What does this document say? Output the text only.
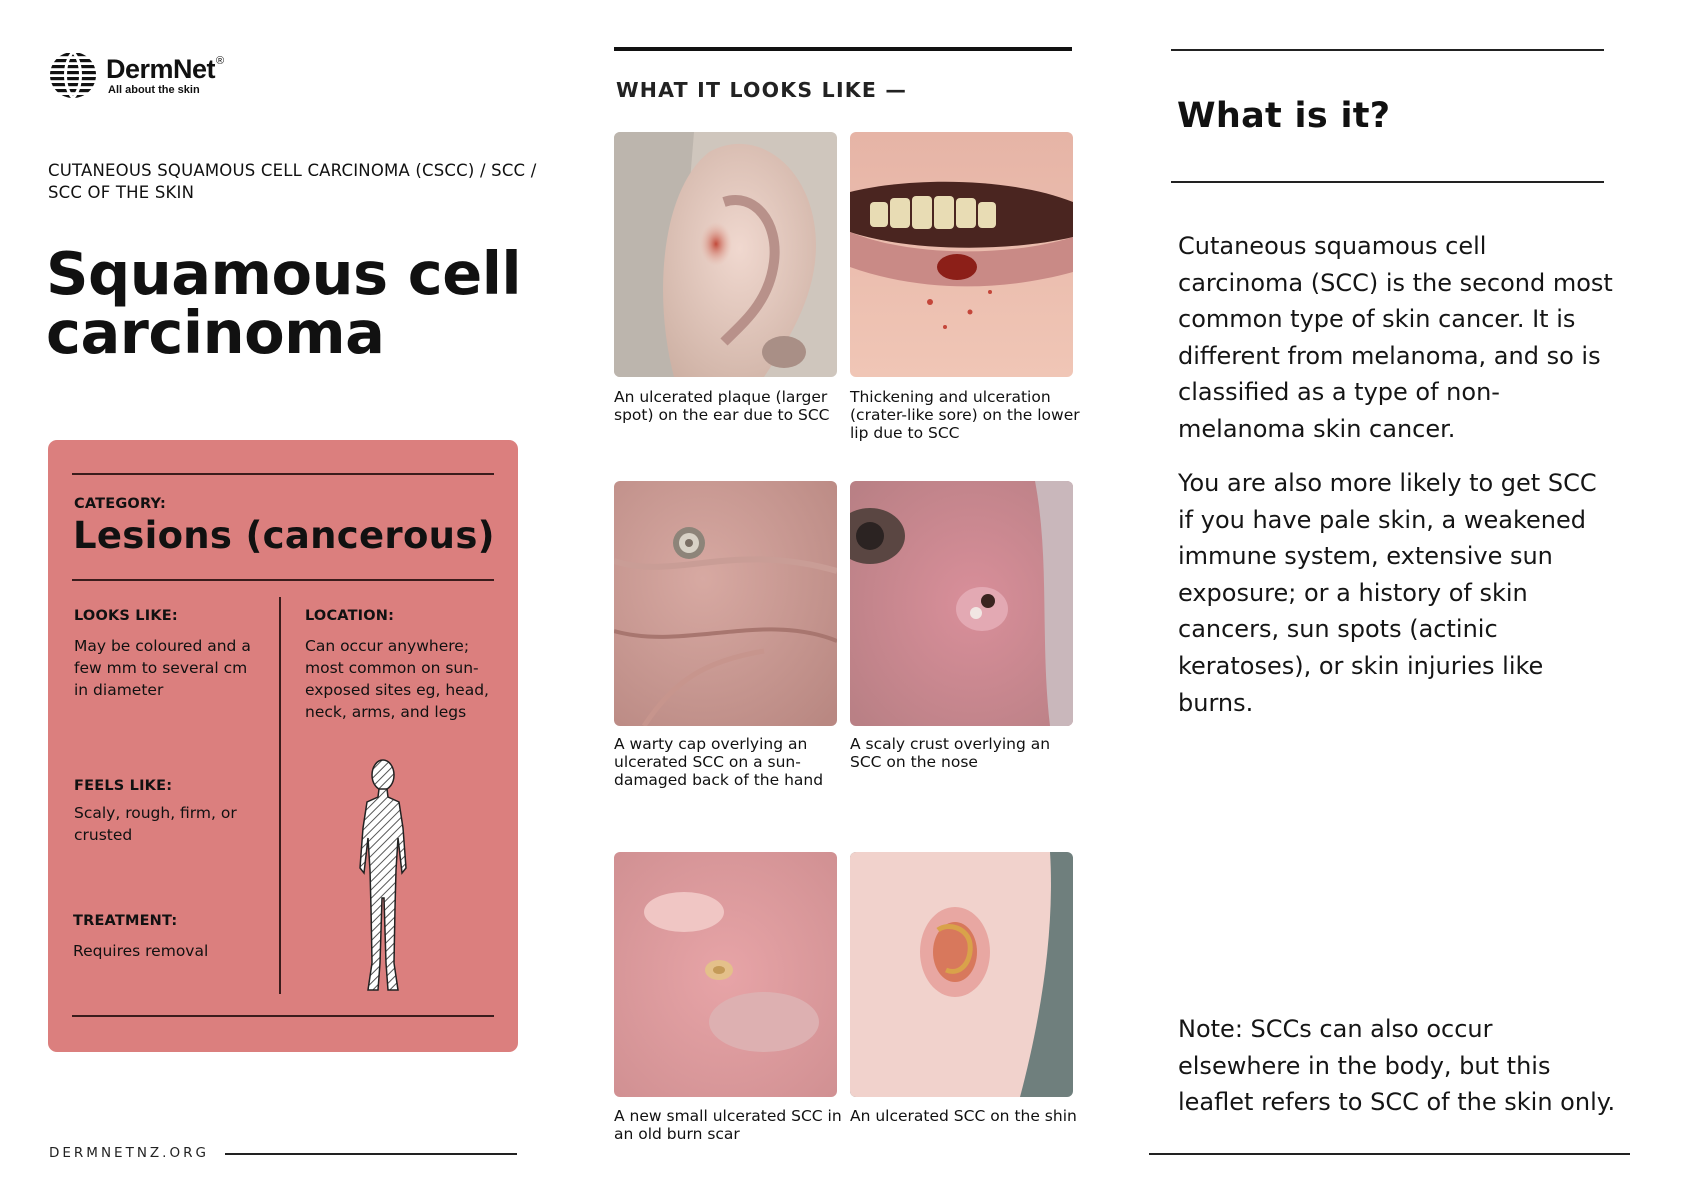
DermNet®
All about the skin
CUTANEOUS SQUAMOUS CELL CARCINOMA (CSCC) / SCC / SCC OF THE SKIN
Squamous cell carcinoma
CATEGORY:
Lesions (cancerous)
LOOKS LIKE:
May be coloured and a few mm to several cm in diameter
LOCATION:
Can occur anywhere; most common on sun-exposed sites eg, head, neck, arms, and legs
FEELS LIKE:
Scaly, rough, firm, or crusted
TREATMENT:
Requires removal
DERMNETNZ.ORG
WHAT IT LOOKS LIKE —
An ulcerated plaque (larger spot) on the ear due to SCC
Thickening and ulceration (crater-like sore) on the lower lip due to SCC
A warty cap overlying an ulcerated SCC on a sun-damaged back of the hand
A scaly crust overlying an SCC on the nose
A new small ulcerated SCC in an old burn scar
An ulcerated SCC on the shin
What is it?
Cutaneous squamous cell carcinoma (SCC) is the second most common type of skin cancer. It is different from melanoma, and so is classified as a type of non-melanoma skin cancer.
You are also more likely to get SCC if you have pale skin, a weakened immune system, extensive sun exposure; or a history of skin cancers, sun spots (actinic keratoses), or skin injuries like burns.
Note: SCCs can also occur elsewhere in the body, but this leaflet refers to SCC of the skin only.
